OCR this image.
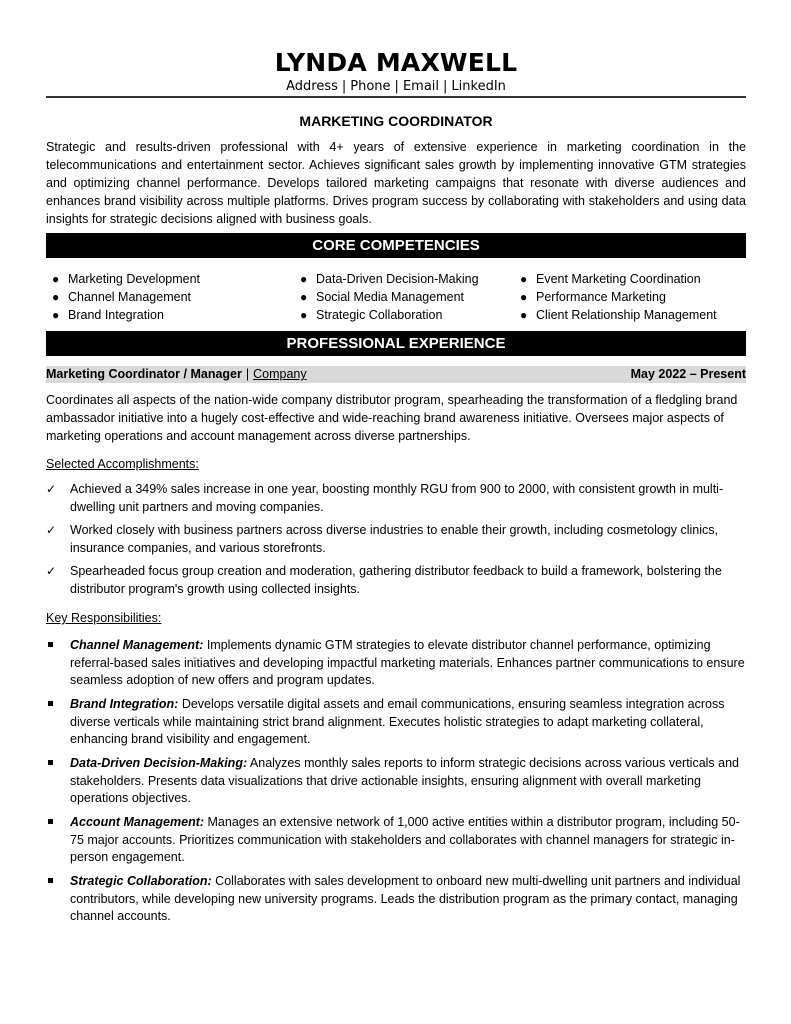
LYNDA MAXWELL
Address | Phone | Email | LinkedIn
MARKETING COORDINATOR
Strategic and results-driven professional with 4+ years of extensive experience in marketing coordination in the telecommunications and entertainment sector. Achieves significant sales growth by implementing innovative GTM strategies and optimizing channel performance. Develops tailored marketing campaigns that resonate with diverse audiences and enhances brand visibility across multiple platforms. Drives program success by collaborating with stakeholders and using data insights for strategic decisions aligned with business goals.
CORE COMPETENCIES
● Marketing Development
● Channel Management
● Brand Integration
● Data-Driven Decision-Making
● Social Media Management
● Strategic Collaboration
● Event Marketing Coordination
● Performance Marketing
● Client Relationship Management
PROFESSIONAL EXPERIENCE
Marketing Coordinator / Manager | Company	May 2022 – Present
Coordinates all aspects of the nation-wide company distributor program, spearheading the transformation of a fledgling brand ambassador initiative into a hugely cost-effective and wide-reaching brand awareness initiative. Oversees major aspects of marketing operations and account management across diverse partnerships.
Selected Accomplishments:
✓	Achieved a 349% sales increase in one year, boosting monthly RGU from 900 to 2000, with consistent growth in multi-dwelling unit partners and moving companies.
✓	Worked closely with business partners across diverse industries to enable their growth, including cosmetology clinics, insurance companies, and various storefronts.
✓	Spearheaded focus group creation and moderation, gathering distributor feedback to build a framework, bolstering the distributor program's growth using collected insights.
Key Responsibilities:
Channel Management: Implements dynamic GTM strategies to elevate distributor channel performance, optimizing referral-based sales initiatives and developing impactful marketing materials. Enhances partner communications to ensure seamless adoption of new offers and program updates.
Brand Integration: Develops versatile digital assets and email communications, ensuring seamless integration across diverse verticals while maintaining strict brand alignment. Executes holistic strategies to adapt marketing collateral, enhancing brand visibility and engagement.
Data-Driven Decision-Making: Analyzes monthly sales reports to inform strategic decisions across various verticals and stakeholders. Presents data visualizations that drive actionable insights, ensuring alignment with overall marketing operations objectives.
Account Management: Manages an extensive network of 1,000 active entities within a distributor program, including 50-75 major accounts. Prioritizes communication with stakeholders and collaborates with channel managers for strategic in-person engagement.
Strategic Collaboration: Collaborates with sales development to onboard new multi-dwelling unit partners and individual contributors, while developing new university programs. Leads the distribution program as the primary contact, managing channel accounts.
